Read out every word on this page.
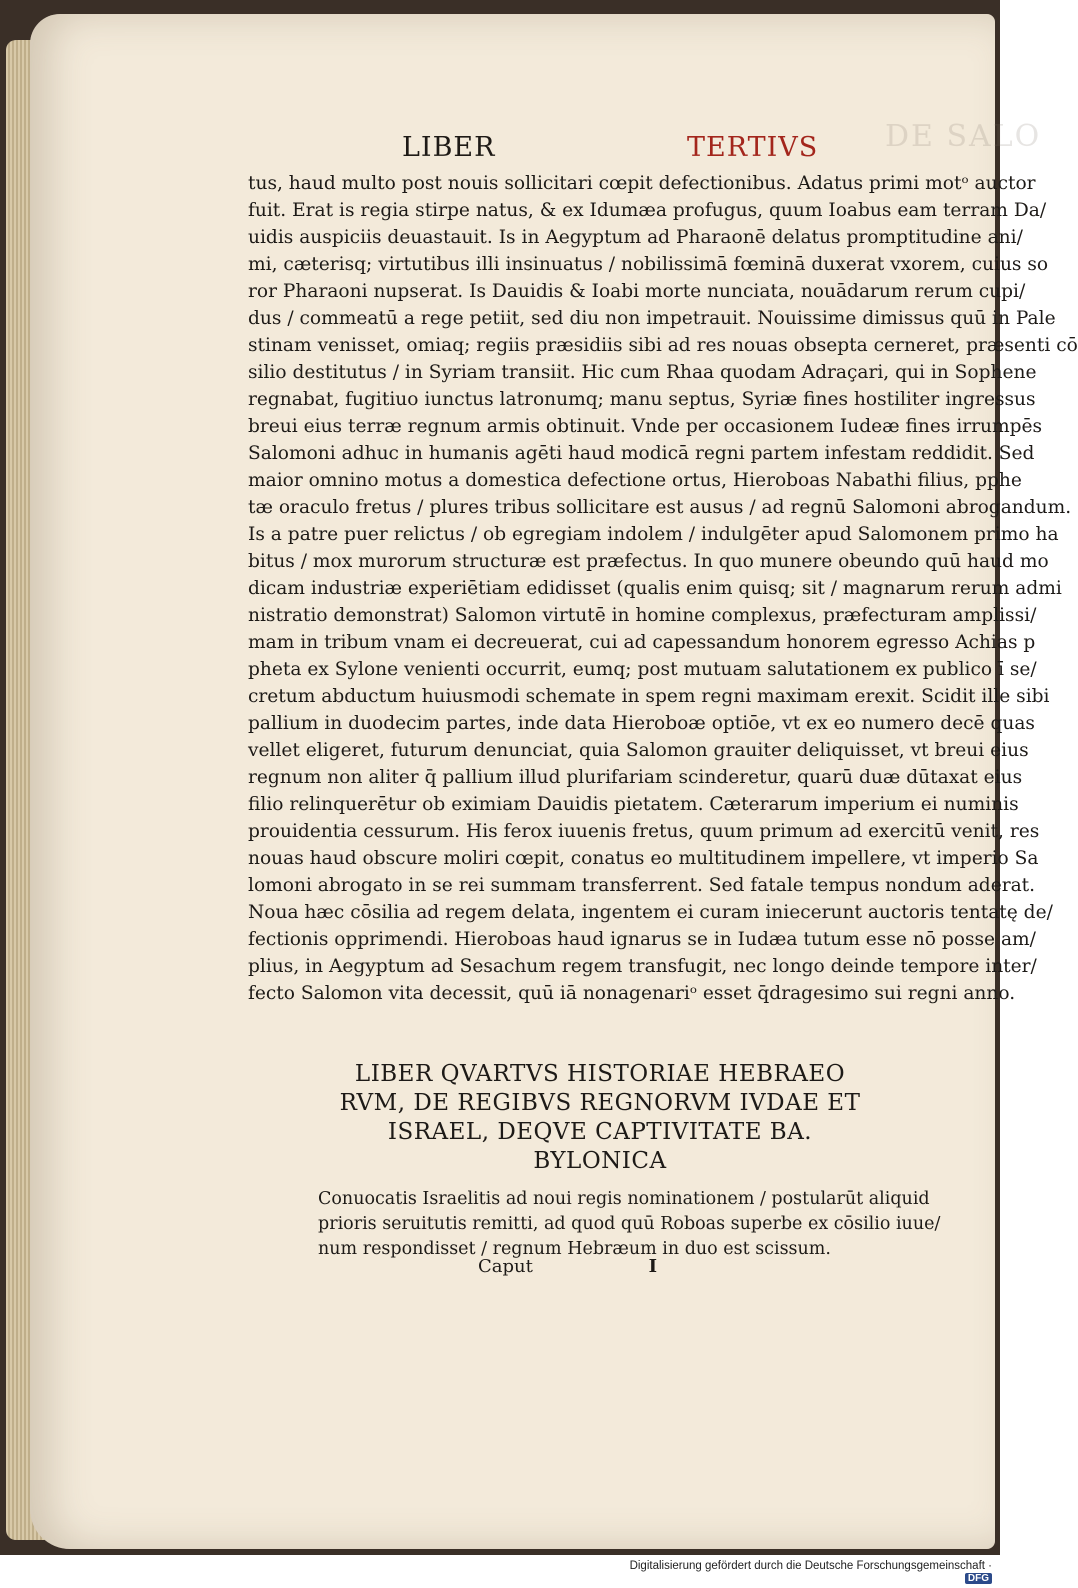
DE SALO
LIBER	TERTIVS
tus, haud multo post nouis sollicitari cœpit defectionibus. Adatus primi motᵒ auctor
fuit. Erat is regia stirpe natus, & ex Idumæa profugus, quum Ioabus eam terram Da/
uidis auspiciis deuastauit. Is in Aegyptum ad Pharaonē delatus promptitudine ani/
mi, cæterisq; virtutibus illi insinuatus / nobilissimā fœminā duxerat vxorem, cuius so
ror Pharaoni nupserat. Is Dauidis & Ioabi morte nunciata, nouādarum rerum cupi/
dus / commeatū a rege petiit, sed diu non impetrauit. Nouissime dimissus quū in Pale
stinam venisset, omiaq; regiis præsidiis sibi ad res nouas obsepta cerneret, præsenti cō
silio destitutus / in Syriam transiit. Hic cum Rhaa quodam Adraçari, qui in Sophene
regnabat, fugitiuo iunctus latronumq; manu septus, Syriæ fines hostiliter ingressus
breui eius terræ regnum armis obtinuit. Vnde per occasionem Iudeæ fines irrumpēs
Salomoni adhuc in humanis agēti haud modicā regni partem infestam reddidit. Sed
maior omnino motus a domestica defectione ortus, Hieroboas Nabathi filius, pphe
tæ oraculo fretus / plures tribus sollicitare est ausus / ad regnū Salomoni abrogandum.
Is a patre puer relictus / ob egregiam indolem / indulgēter apud Salomonem primo ha
bitus / mox murorum structuræ est præfectus. In quo munere obeundo quū haud mo
dicam industriæ experiētiam edidisset (qualis enim quisq; sit / magnarum rerum admi
nistratio demonstrat) Salomon virtutē in homine complexus, præfecturam amplissi/
mam in tribum vnam ei decreuerat, cui ad capessandum honorem egresso Achias p
pheta ex Sylone venienti occurrit, eumq; post mutuam salutationem ex publico ī se/
cretum abductum huiusmodi schemate in spem regni maximam erexit. Scidit ille sibi
pallium in duodecim partes, inde data Hieroboæ optiōe, vt ex eo numero decē quas
vellet eligeret, futurum denunciat, quia Salomon grauiter deliquisset, vt breui eius
regnum non aliter q̄ pallium illud plurifariam scinderetur, quarū duæ dūtaxat eius
filio relinquerētur ob eximiam Dauidis pietatem. Cæterarum imperium ei numinis
prouidentia cessurum. His ferox iuuenis fretus, quum primum ad exercitū venit, res
nouas haud obscure moliri cœpit, conatus eo multitudinem impellere, vt imperio Sa
lomoni abrogato in se rei summam transferrent. Sed fatale tempus nondum aderat.
Noua hæc cōsilia ad regem delata, ingentem ei curam iniecerunt auctoris tentatę de/
fectionis opprimendi. Hieroboas haud ignarus se in Iudæa tutum esse nō posse am/
plius, in Aegyptum ad Sesachum regem transfugit, nec longo deinde tempore inter/
fecto Salomon vita decessit, quū iā nonagenariᵒ esset q̄dragesimo sui regni anno.
LIBER QVARTVS HISTORIAE HEBRAEO
RVM, DE REGIBVS REGNORVM IVDAE ET
ISRAEL, DEQVE CAPTIVITATE BA.
BYLONICA
Conuocatis Israelitis ad noui regis nominationem / postularūt aliquid
prioris seruitutis remitti, ad quod quū Roboas superbe ex cōsilio iuue/
num respondisset / regnum Hebræum in duo est scissum.
Caput	I
Digitalisierung gefördert durch die Deutsche Forschungsgemeinschaft · DFG
